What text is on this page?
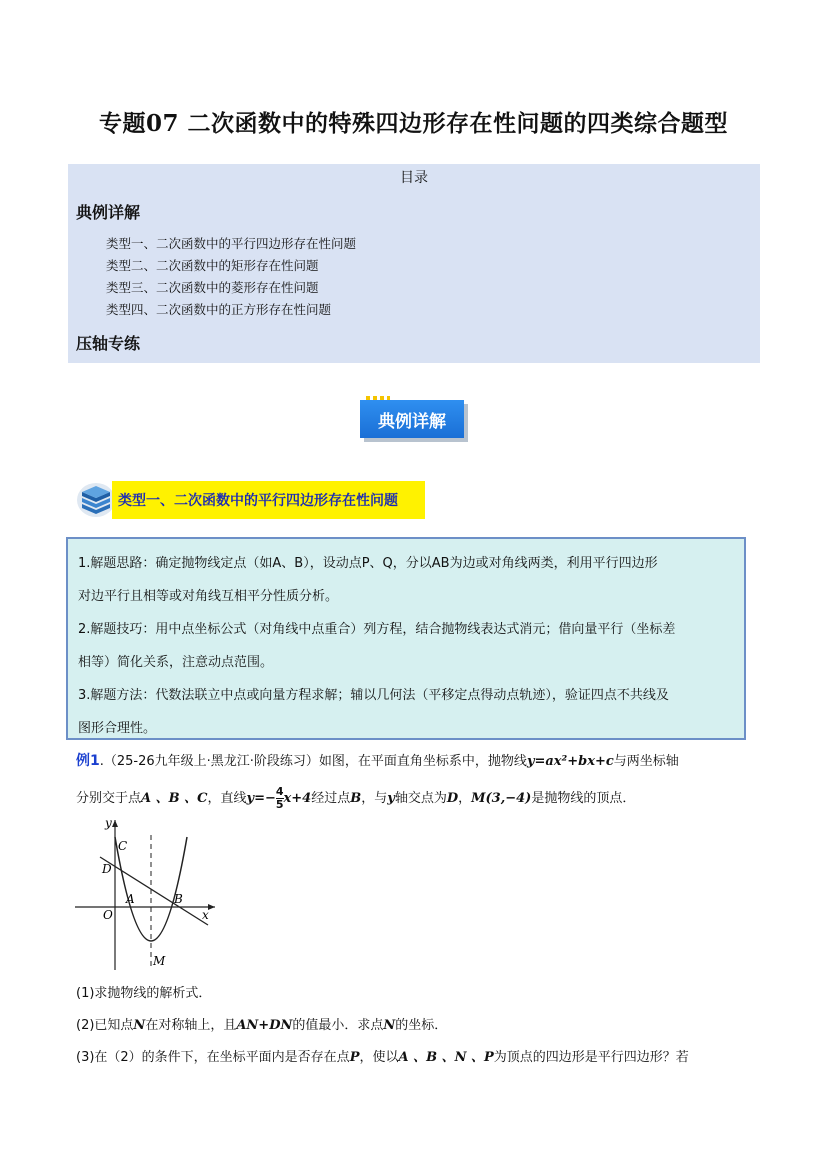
专题07 二次函数中的特殊四边形存在性问题的四类综合题型
目录
典例详解
类型一、二次函数中的平行四边形存在性问题
类型二、二次函数中的矩形存在性问题
类型三、二次函数中的菱形存在性问题
类型四、二次函数中的正方形存在性问题
压轴专练
典例详解
类型一、二次函数中的平行四边形存在性问题

1.解题思路：确定抛物线定点（如A、B），设动点P、Q，分以AB为边或对角线两类，利用平行四边形

对边平行且相等或对角线互相平分性质分析。

2.解题技巧：用中点坐标公式（对角线中点重合）列方程，结合抛物线表达式消元；借向量平行（坐标差

相等）简化关系，注意动点范围。

3.解题方法：代数法联立中点或向量方程求解；辅以几何法（平移定点得动点轨迹），验证四点不共线及

图形合理性。

例1.（25-26九年级上·黑龙江·阶段练习）如图，在平面直角坐标系中，抛物线y=ax²+bx+c与两坐标轴
分别交于点A 、B 、C，直线$y=- \frac{4}{5} x+4$经过点B，与y轴交点为D，M(3,−4)是抛物线的顶点．
y
x
O
C
D
A	B
M
(1)求抛物线的解析式．
(2)已知点N在对称轴上，且AN+DN的值最小．求点N的坐标．
(3)在（2）的条件下，在坐标平面内是否存在点P，使以A 、B 、N 、P为顶点的四边形是平行四边形？若
